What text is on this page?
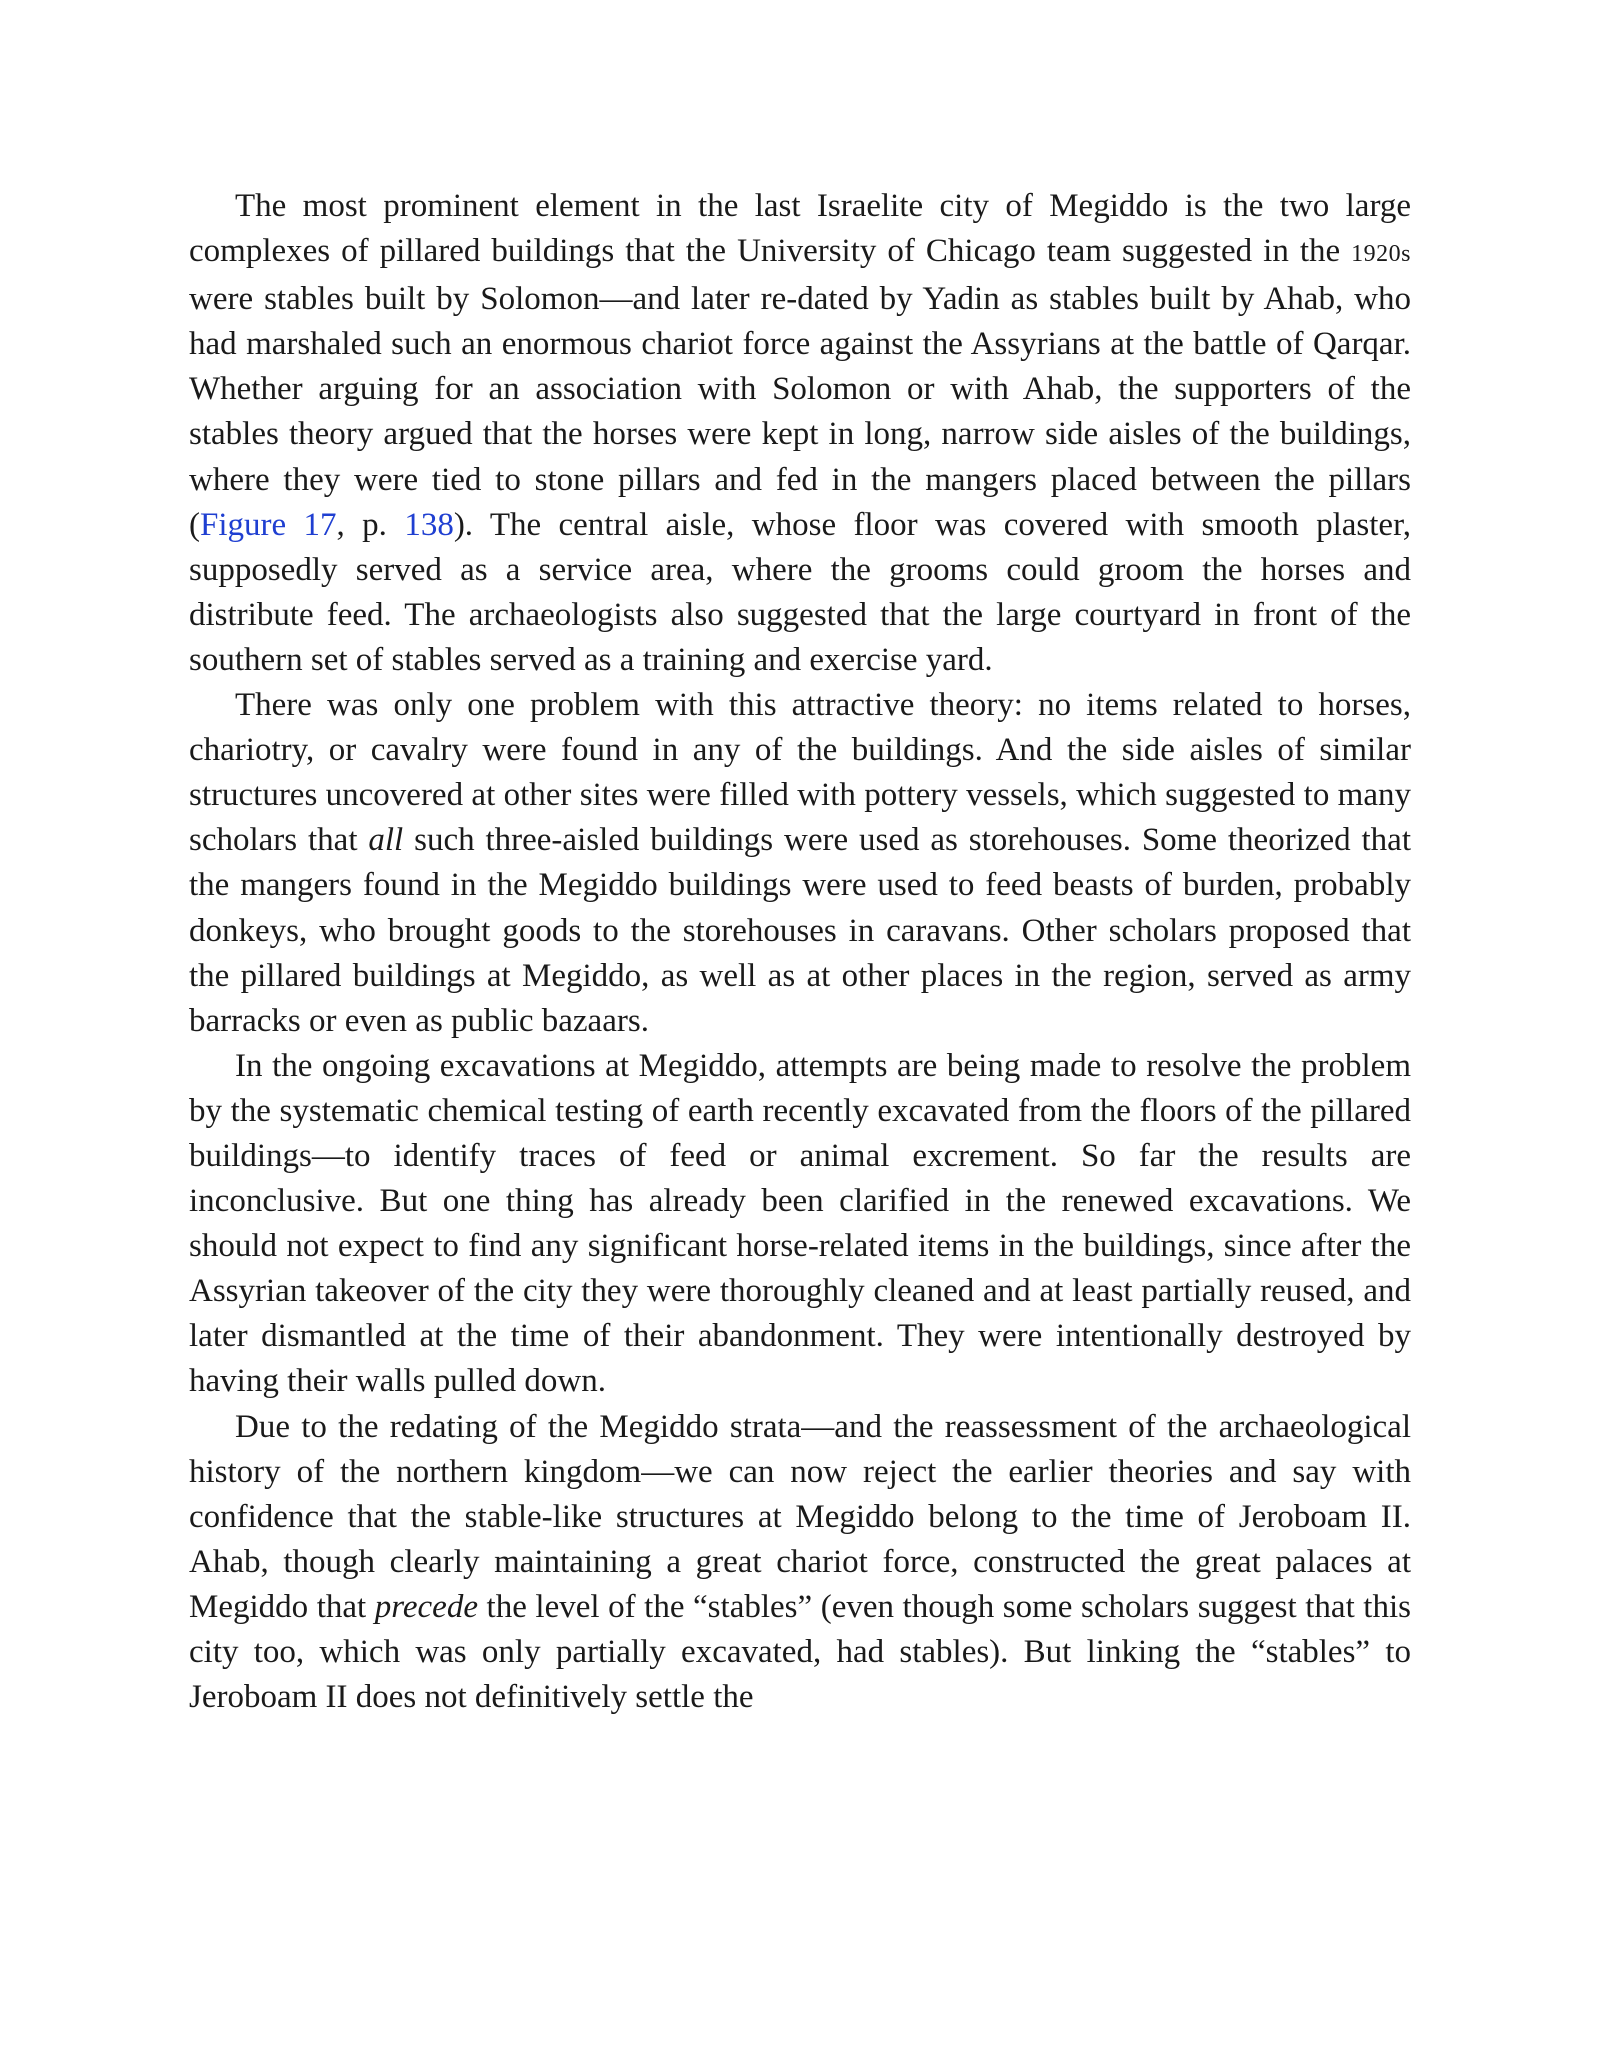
The most prominent element in the last Israelite city of Megiddo is the two large complexes of pillared buildings that the University of Chicago team suggested in the 1920s were stables built by Solomon—and later re-dated by Yadin as stables built by Ahab, who had marshaled such an enormous chariot force against the Assyrians at the battle of Qarqar. Whether arguing for an association with Solomon or with Ahab, the supporters of the stables theory argued that the horses were kept in long, narrow side aisles of the buildings, where they were tied to stone pillars and fed in the mangers placed between the pillars (Figure 17, p. 138). The central aisle, whose floor was covered with smooth plaster, supposedly served as a service area, where the grooms could groom the horses and distribute feed. The archaeologists also suggested that the large courtyard in front of the southern set of stables served as a training and exercise yard.

There was only one problem with this attractive theory: no items related to horses, chariotry, or cavalry were found in any of the buildings. And the side aisles of similar structures uncovered at other sites were filled with pottery vessels, which suggested to many scholars that all such three-aisled buildings were used as storehouses. Some theorized that the mangers found in the Megiddo buildings were used to feed beasts of burden, probably donkeys, who brought goods to the storehouses in caravans. Other scholars proposed that the pillared buildings at Megiddo, as well as at other places in the region, served as army barracks or even as public bazaars.

In the ongoing excavations at Megiddo, attempts are being made to resolve the problem by the systematic chemical testing of earth recently excavated from the floors of the pillared buildings—to identify traces of feed or animal excrement. So far the results are inconclusive. But one thing has already been clarified in the renewed excavations. We should not expect to find any significant horse-related items in the buildings, since after the Assyrian takeover of the city they were thoroughly cleaned and at least partially reused, and later dismantled at the time of their abandonment. They were intentionally destroyed by having their walls pulled down.

Due to the redating of the Megiddo strata—and the reassessment of the archaeological history of the northern kingdom—we can now reject the earlier theories and say with confidence that the stable-like structures at Megiddo belong to the time of Jeroboam II. Ahab, though clearly maintaining a great chariot force, constructed the great palaces at Megiddo that precede the level of the “stables” (even though some scholars suggest that this city too, which was only partially excavated, had stables). But linking the “stables” to Jeroboam II does not definitively settle the
